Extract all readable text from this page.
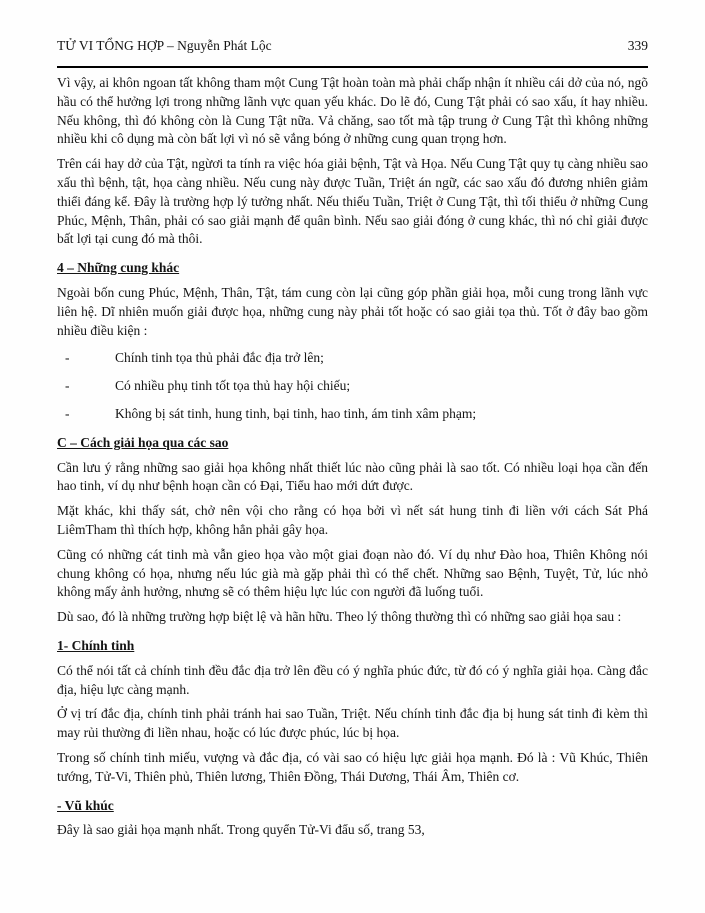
TỬ VI TỔNG HỢP – Nguyễn Phát Lộc	339

Vì vậy, ai khôn ngoan tất không tham một Cung Tật hoàn toàn mà phải chấp nhận ít nhiều cái dở của nó, ngõ hầu có thể hưởng lợi trong những lãnh vực quan yếu khác. Do lẽ đó, Cung Tật phải có sao xấu, ít hay nhiều. Nếu không, thì đó không còn là Cung Tật nữa. Vả chăng, sao tốt mà tập trung ở Cung Tật thì không những nhiều khi cô dụng mà còn bất lợi vì nó sẽ vắng bóng ở những cung quan trọng hơn.

Trên cái hay dở của Tật, ngừơi ta tính ra việc hóa giải bệnh, Tật và Họa. Nếu Cung Tật quy tụ càng nhiều sao xấu thì bệnh, tật, họa càng nhiều. Nếu cung này được Tuần, Triệt án ngữ, các sao xấu đó đương nhiên giảm thiểi đáng kể. Đây là trường hợp lý tưởng nhất. Nếu thiếu Tuần, Triệt ở Cung Tật, thì tối thiểu ở những Cung Phúc, Mệnh, Thân, phải có sao giải mạnh để quân bình. Nếu sao giải đóng ở cung khác, thì nó chỉ giải được bất lợi tại cung đó mà thôi.

4 – Những cung khác

Ngoài bốn cung Phúc, Mệnh, Thân, Tật, tám cung còn lại cũng góp phần giải họa, mỗi cung trong lãnh vực liên hệ. Dĩ nhiên muốn giải được họa, những cung này phải tốt hoặc có sao giải tọa thủ. Tốt ở đây bao gồm nhiều điều kiện :

-	Chính tinh tọa thủ phải đắc địa trở lên;
-	Có nhiều phụ tinh tốt tọa thủ hay hội chiếu;
-	Không bị sát tinh, hung tinh, bại tinh, hao tinh, ám tinh xâm phạm;
C – Cách giải họa qua các sao

Cần lưu ý rằng những sao giải họa không nhất thiết lúc nào cũng phải là sao tốt. Có nhiều loại họa cần đến hao tinh, ví dụ như bệnh hoạn cần có Đại, Tiểu hao mới dứt được.

Mặt khác, khi thấy sát, chở nên vội cho rằng có họa bởi vì nết sát hung tinh đi liền với cách Sát Phá LiêmTham thì thích hợp, không hẳn phải gây họa.

Cũng có những cát tinh mà vẫn gieo họa vào một giai đoạn nào đó. Ví dụ như Đào hoa, Thiên Không nói chung không có họa, nhưng nếu lúc già mà gặp phải thì có thể chết. Những sao Bệnh, Tuyệt, Tử, lúc nhỏ không mấy ảnh hưởng, nhưng sẽ có thêm hiệu lực lúc con người đã luống tuổi.

Dù sao, đó là những trường hợp biệt lệ và hãn hữu. Theo lý thông thường thì có những sao giải họa sau :

1- Chính tinh

Có thể nói tất cả chính tinh đều đắc địa trở lên đều có ý nghĩa phúc đức, từ đó có ý nghĩa giải họa. Càng đắc địa, hiệu lực càng mạnh.

Ở vị trí đắc địa, chính tinh phải tránh hai sao Tuần, Triệt. Nếu chính tinh đắc địa bị hung sát tinh đi kèm thì may rủi thường đi liền nhau, hoặc có lúc được phúc, lúc bị họa.

Trong số chính tinh miếu, vượng và đắc địa, có vài sao có hiệu lực giải họa mạnh. Đó là : Vũ Khúc, Thiên tướng, Tử-Vi, Thiên phủ, Thiên lương, Thiên Đồng, Thái Dương, Thái Âm, Thiên cơ.

- Vũ khúc

Đây là sao giải họa mạnh nhất. Trong quyển Tử-Vi đẩu số, trang 53,
